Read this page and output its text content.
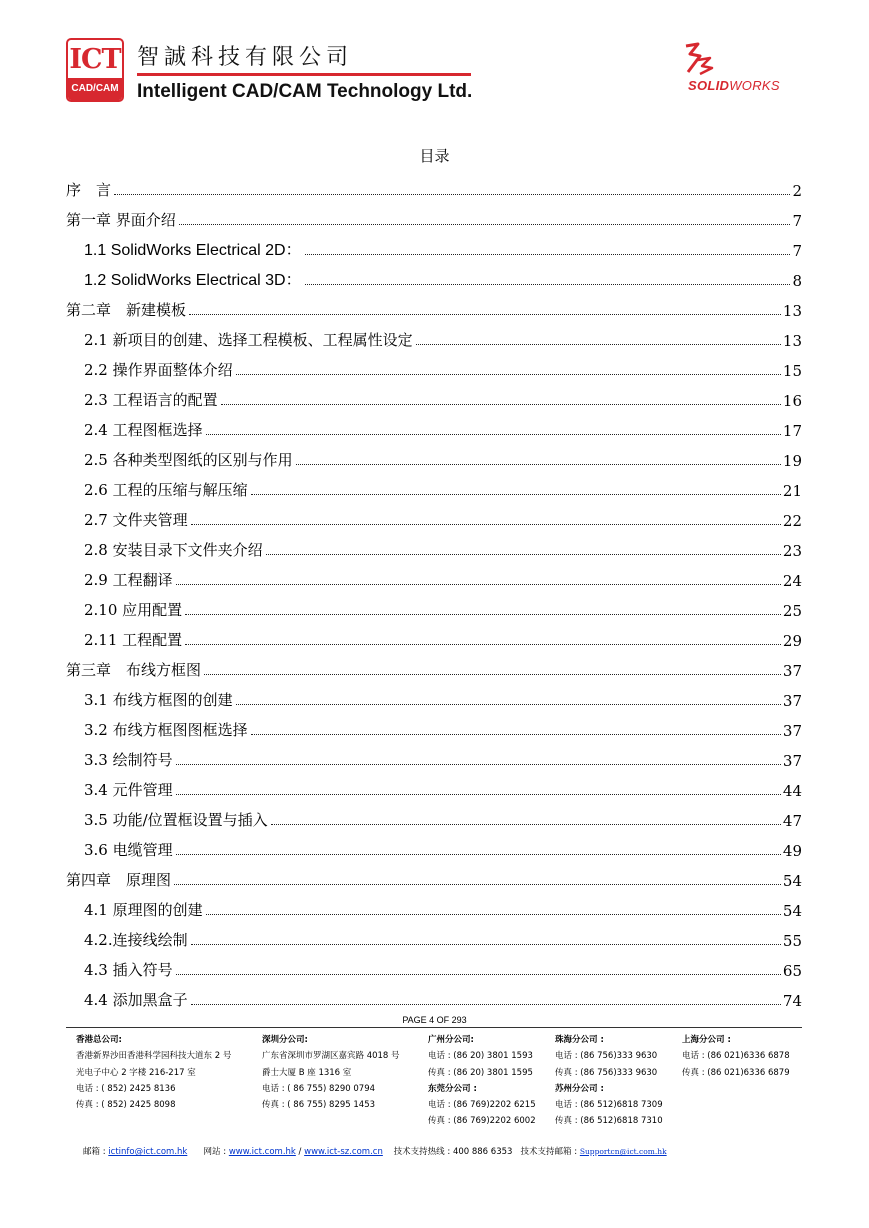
ICT
CAD/CAM
智誠科技有限公司
Intelligent CAD/CAM Technology Ltd.	SOLIDWORKS
目录
序　言	2
第一章 界面介绍	7
1.1 SolidWorks Electrical 2D：	7
1.2 SolidWorks Electrical 3D：	8
第二章　新建模板	13
2.1 新项目的创建、选择工程模板、工程属性设定	13
2.2 操作界面整体介绍	15
2.3 工程语言的配置	16
2.4 工程图框选择	17
2.5 各种类型图纸的区别与作用	19
2.6 工程的压缩与解压缩	21
2.7 文件夹管理	22
2.8 安装目录下文件夹介绍	23
2.9 工程翻译	24
2.10 应用配置	25
2.11 工程配置	29
第三章　布线方框图	37
3.1 布线方框图的创建	37
3.2 布线方框图图框选择	37
3.3 绘制符号	37
3.4 元件管理	44
3.5 功能/位置框设置与插入	47
3.6 电缆管理	49
第四章　原理图	54
4.1 原理图的创建	54
4.2.连接线绘制	55
4.3 插入符号	65
4.4 添加黑盒子	74
PAGE 4 OF 293
香港总公司:
香港新界沙田香港科学园科技大道东 2 号
光电子中心 2 字楼 216-217 室
电话 : ( 852) 2425 8136
传真 : ( 852) 2425 8098
深圳分公司:
广东省深圳市罗湖区嘉宾路 4018 号
爵士大厦 B 座 1316 室
电话 : ( 86 755) 8290 0794
传真 : ( 86 755) 8295 1453
广州分公司:
电话 : (86 20) 3801 1593
传真 : (86 20) 3801 1595
东莞分公司 :
电话 : (86 769)2202 6215
传真 : (86 769)2202 6002
珠海分公司 :
电话 : (86 756)333 9630
传真 : (86 756)333 9630
苏州分公司 :
电话 : (86 512)6818 7309
传真 : (86 512)6818 7310
上海分公司 :
电话 : (86 021)6336 6878
传真 : (86 021)6336 6879
邮箱 : ictinfo@ict.com.hk 网站 : www.ict.com.hk / www.ict-sz.com.cn 技术支持热线 : 400 886 6353 技术支持邮箱 : Supportcn@ict.com.hk
